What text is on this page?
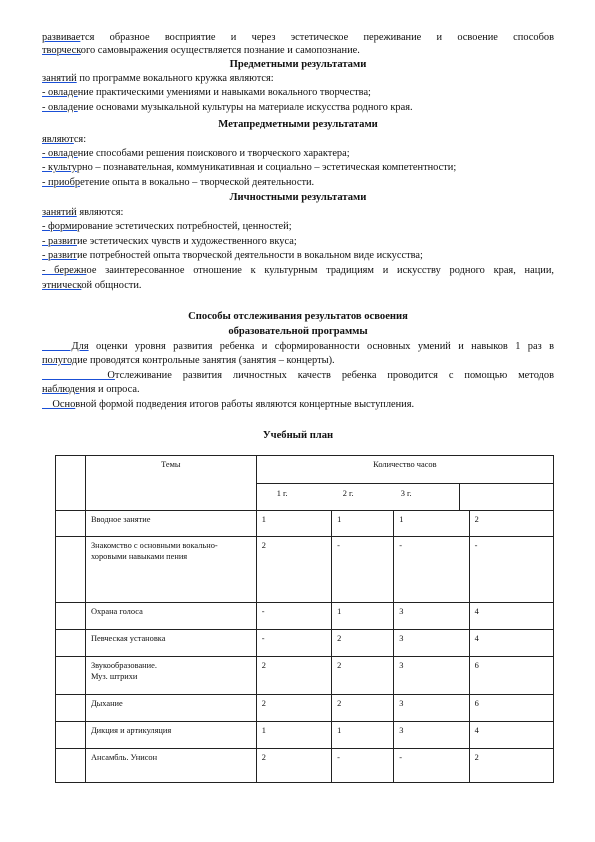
развивается образное восприятие и через эстетическое переживание и освоение способов
творческого самовыражения осуществляется познание и самопознание.
Предметными результатами
занятий по программе вокального кружка являются:
- овладение практическими умениями и навыками вокального творчества;
- овладение основами музыкальной культуры на материале искусства родного края.
Метапредметными результатами
являются:
- овладение способами решения поискового и творческого характера;
- культурно – познавательная, коммуникативная и социально – эстетическая компетентности;
- приобретение опыта в вокально – творческой деятельности.
Личностными результатами
занятий являются:
- формирование эстетических потребностей, ценностей;
- развитие эстетических чувств и художественного вкуса;
- развитие потребностей опыта творческой деятельности в вокальном виде искусства;
- бережное заинтересованное отношение к культурным традициям и искусству родного края, нации,
этнической общности.
Способы отслеживания результатов освоения
образовательной программы
Для оценки уровня развития ребенка и сформированности основных умений и навыков 1 раз в
полугодие проводятся контрольные занятия (занятия – концерты).
Отслеживание развития личностных качеств ребенка проводится с помощью методов
наблюдения и опроса.
Основной формой подведения итогов работы являются концертные выступления.
Учебный план
	Темы	Количество часов			

		1 г. 2 г. 3 г.			

	Вводное занятие	1	1	1	2
	Знакомство с основными вокально-хоровыми навыками пения	2	-	-	-
	Охрана голоса	-	1	3	4
	Певческая установка	-	2	3	4
	Звукообразование.
Муз. штрихи	2	2	3	6
	Дыхание	2	2	3	6
	Дикция и артикуляция	1	1	3	4
	Ансамбль. Унисон	2	-	-	2
